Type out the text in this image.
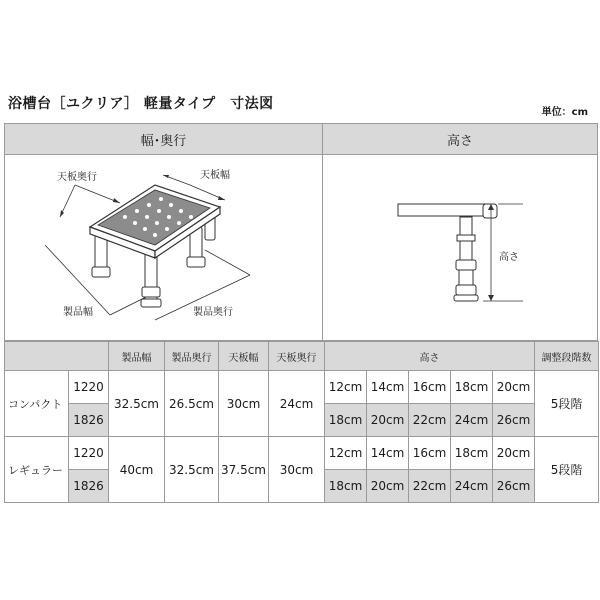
浴槽台［ユクリア］ 軽量タイプ　寸法図
単位：cm
幅･奥行
天板奥行	天板幅
製品幅	製品奥行
高さ
高さ
		製品幅	製品奥行	天板幅	天板奥行	高さ					調整段階数
コンパクト	1220	32.5cm	26.5cm	30cm	24cm	12cm	14cm	16cm	18cm	20cm	5段階
	1826					18cm	20cm	22cm	24cm	26cm	
レギュラー	1220	40cm	32.5cm	37.5cm	30cm	12cm	14cm	16cm	18cm	20cm	5段階
	1826					18cm	20cm	22cm	24cm	26cm	
